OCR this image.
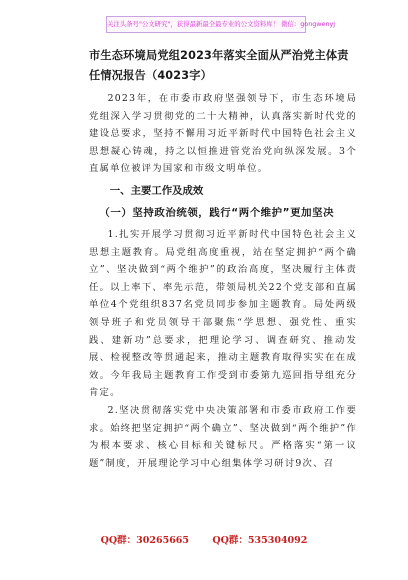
关注头条号"公文研究"，获得最新最全最专业的公文资料库！ 微信：gongwenyj
市生态环境局党组2023年落实全面从严治党主体责任情况报告（4023字）

2023年，在市委市政府坚强领导下，市生态环境局党组深入学习贯彻党的二十大精神，认真落实新时代党的建设总要求，坚持不懈用习近平新时代中国特色社会主义思想凝心铸魂，持之以恒推进管党治党向纵深发展。3个直属单位被评为国家和市级文明单位。

一、主要工作及成效
（一）坚持政治统领，践行“两个维护”更加坚决

1.扎实开展学习贯彻习近平新时代中国特色社会主义思想主题教育。局党组高度重视，站在坚定拥护“两个确立”、坚决做到“两个维护”的政治高度，坚决履行主体责任。以上率下、率先示范，带领局机关22个党支部和直属单位4个党组织837名党员同步参加主题教育。局处两级领导班子和党员领导干部聚焦“学思想、强党性、重实践、建新功”总要求，把理论学习、调查研究、推动发展、检视整改等贯通起来，推动主题教育取得实实在在成效。今年我局主题教育工作受到市委第九巡回指导组充分肯定。

2.坚决贯彻落实党中央决策部署和市委市政府工作要求。始终把坚定拥护“两个确立”、坚决做到“两个维护”作为根本要求、核心目标和关键标尺。严格落实“第一议题”制度，开展理论学习中心组集体学习研讨9次、召

QQ群：30265665 QQ群：535304092
